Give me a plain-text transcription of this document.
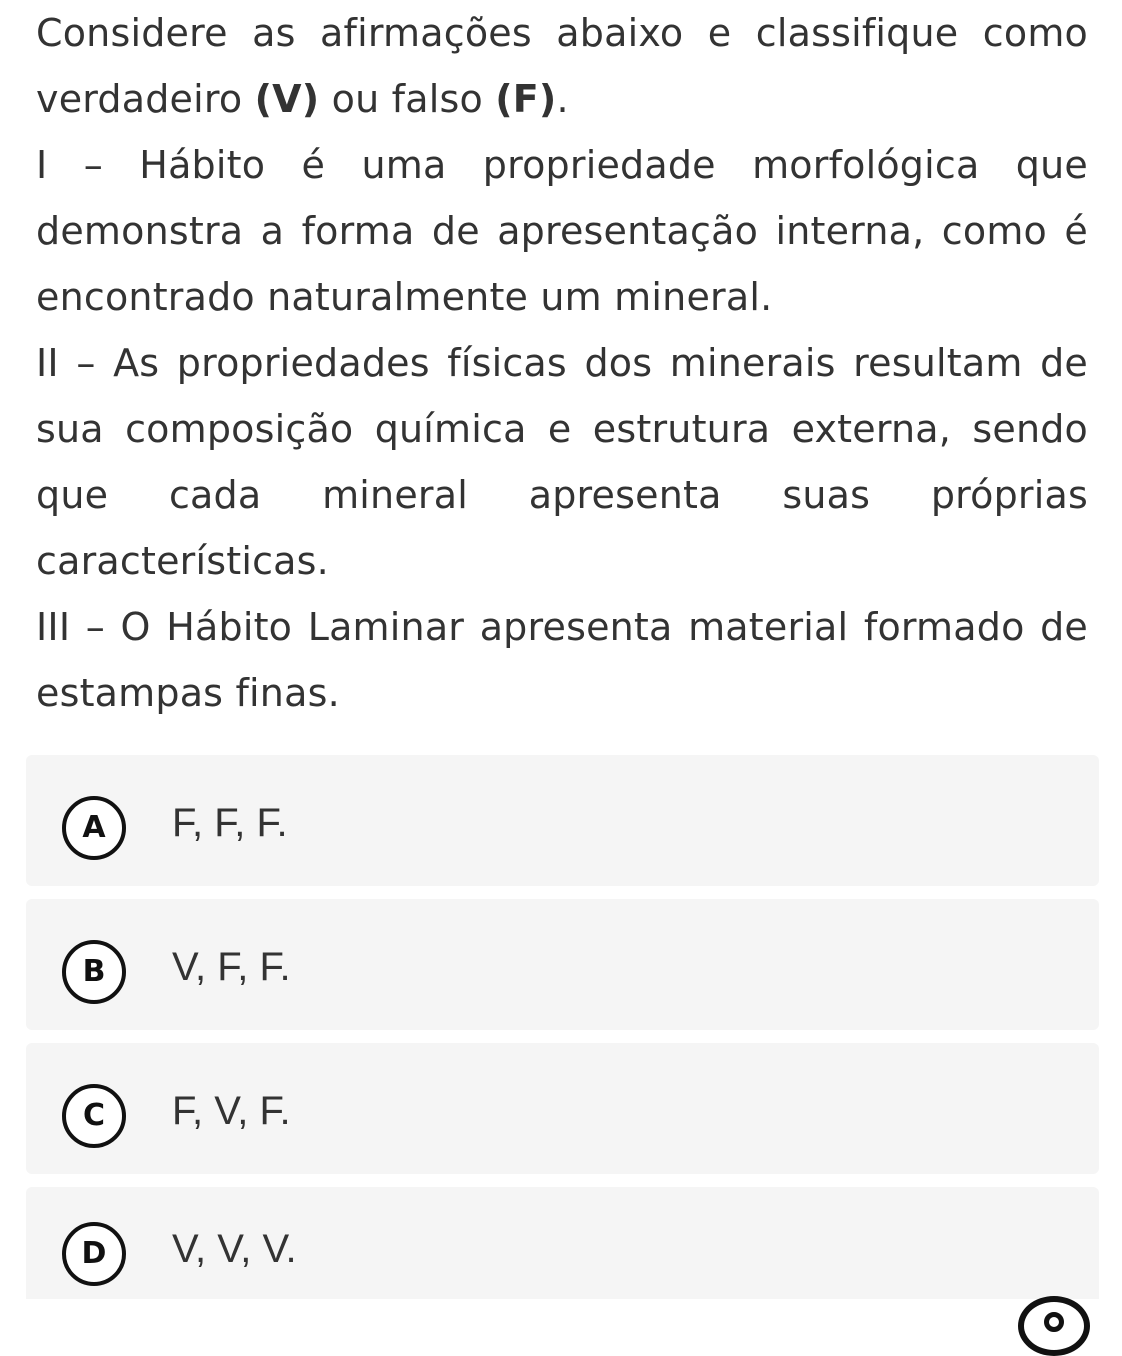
Considere as afirmações abaixo e classifique como verdadeiro (V) ou falso (F).

I – Hábito é uma propriedade morfológica que demonstra a forma de apresentação interna, como é encontrado naturalmente um mineral.

II – As propriedades físicas dos minerais resultam de sua composição química e estrutura externa, sendo que cada mineral apresenta suas próprias características.

III – O Hábito Laminar apresenta material formado de estampas finas.

A	F, F, F.
B	V, F, F.
C	F, V, F.
D	V, V, V.
